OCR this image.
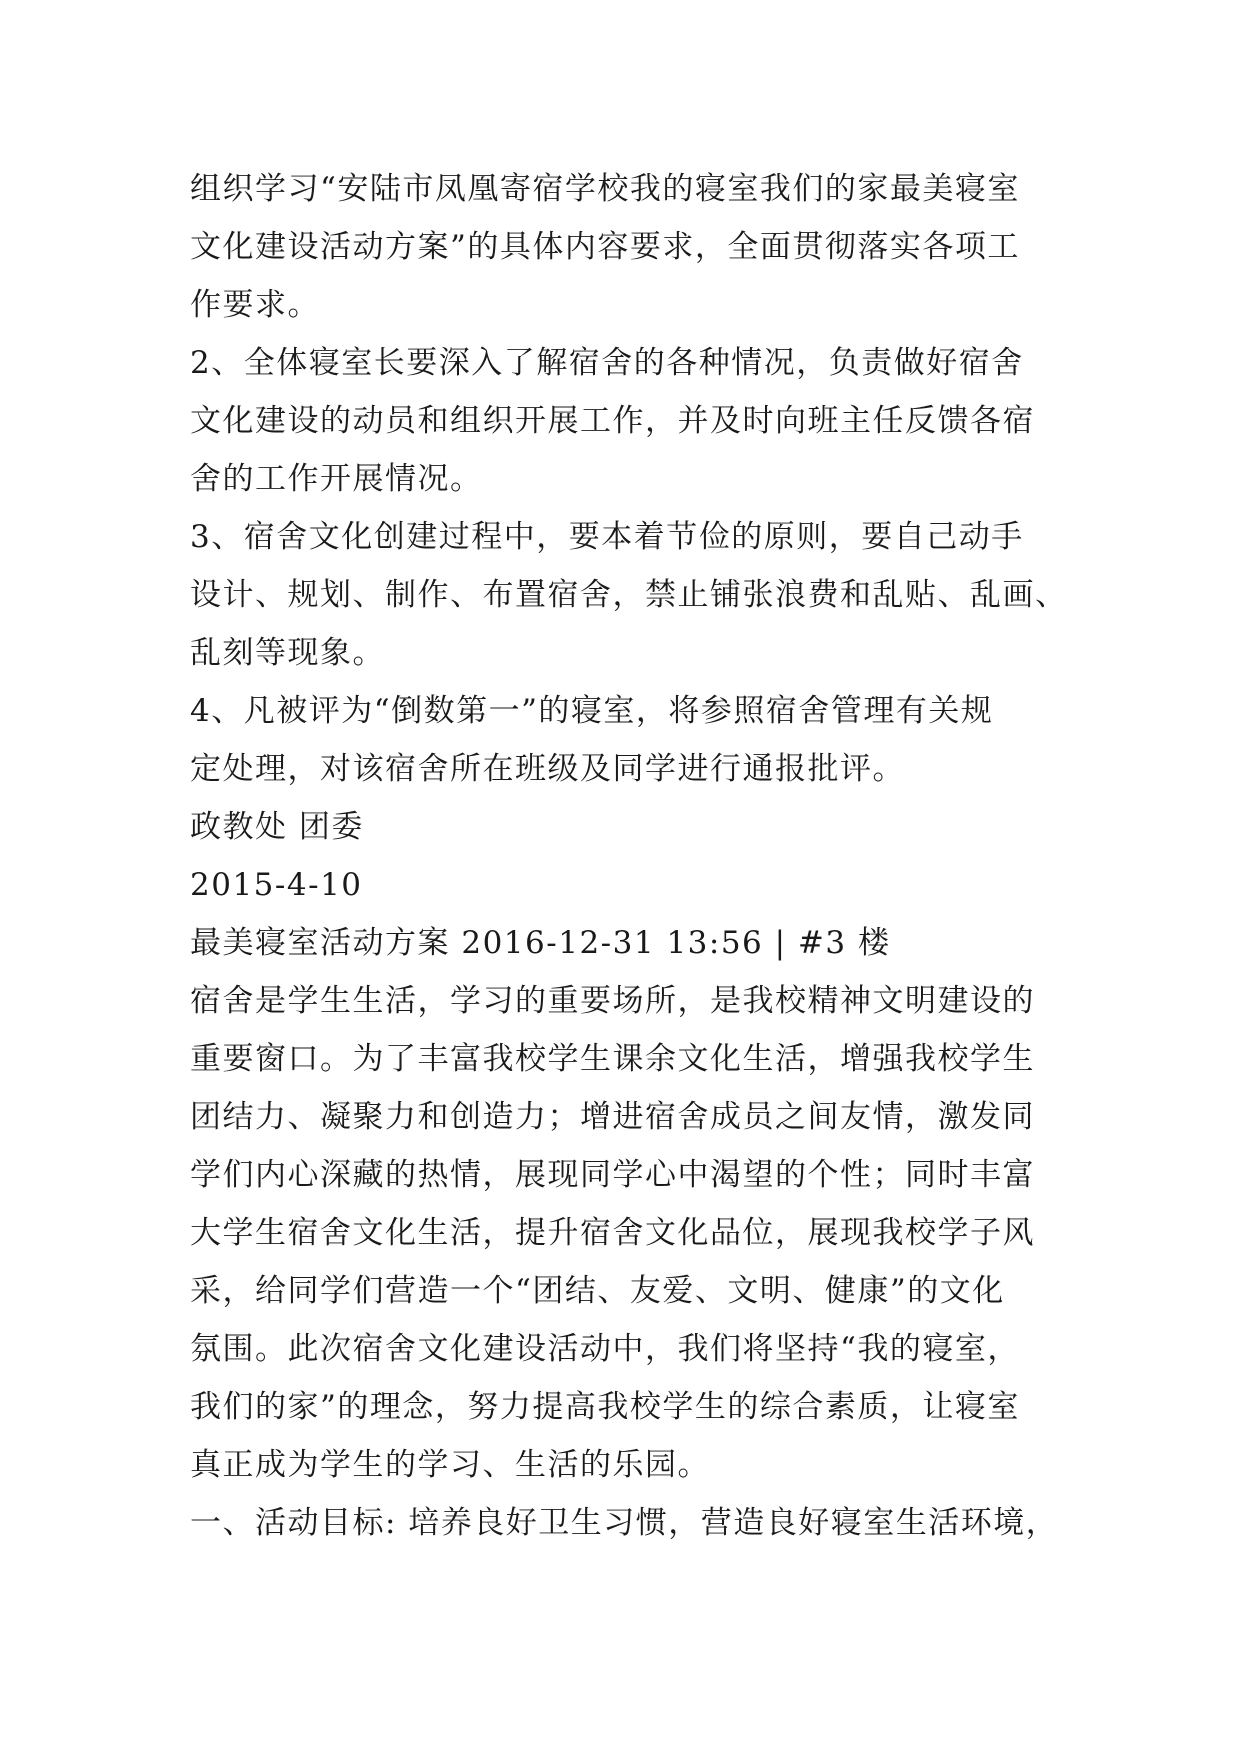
组织学习“安陆市凤凰寄宿学校我的寝室我们的家最美寝室
文化建设活动方案”的具体内容要求，全面贯彻落实各项工
作要求。
2、全体寝室长要深入了解宿舍的各种情况，负责做好宿舍
文化建设的动员和组织开展工作，并及时向班主任反馈各宿
舍的工作开展情况。
3、宿舍文化创建过程中，要本着节俭的原则，要自己动手
设计、规划、制作、布置宿舍，禁止铺张浪费和乱贴、乱画、
乱刻等现象。
4、凡被评为“倒数第一”的寝室，将参照宿舍管理有关规
定处理，对该宿舍所在班级及同学进行通报批评。
政教处 团委
2015-4-10
最美寝室活动方案 2016-12-31 13:56 | #3 楼
宿舍是学生生活，学习的重要场所，是我校精神文明建设的
重要窗口。为了丰富我校学生课余文化生活，增强我校学生
团结力、凝聚力和创造力；增进宿舍成员之间友情，激发同
学们内心深藏的热情，展现同学心中渴望的个性；同时丰富
大学生宿舍文化生活，提升宿舍文化品位，展现我校学子风
采，给同学们营造一个“团结、友爱、文明、健康”的文化
氛围。此次宿舍文化建设活动中，我们将坚持“我的寝室，
我们的家”的理念，努力提高我校学生的综合素质，让寝室
真正成为学生的学习、生活的乐园。
一、活动目标: 培养良好卫生习惯，营造良好寝室生活环境，
